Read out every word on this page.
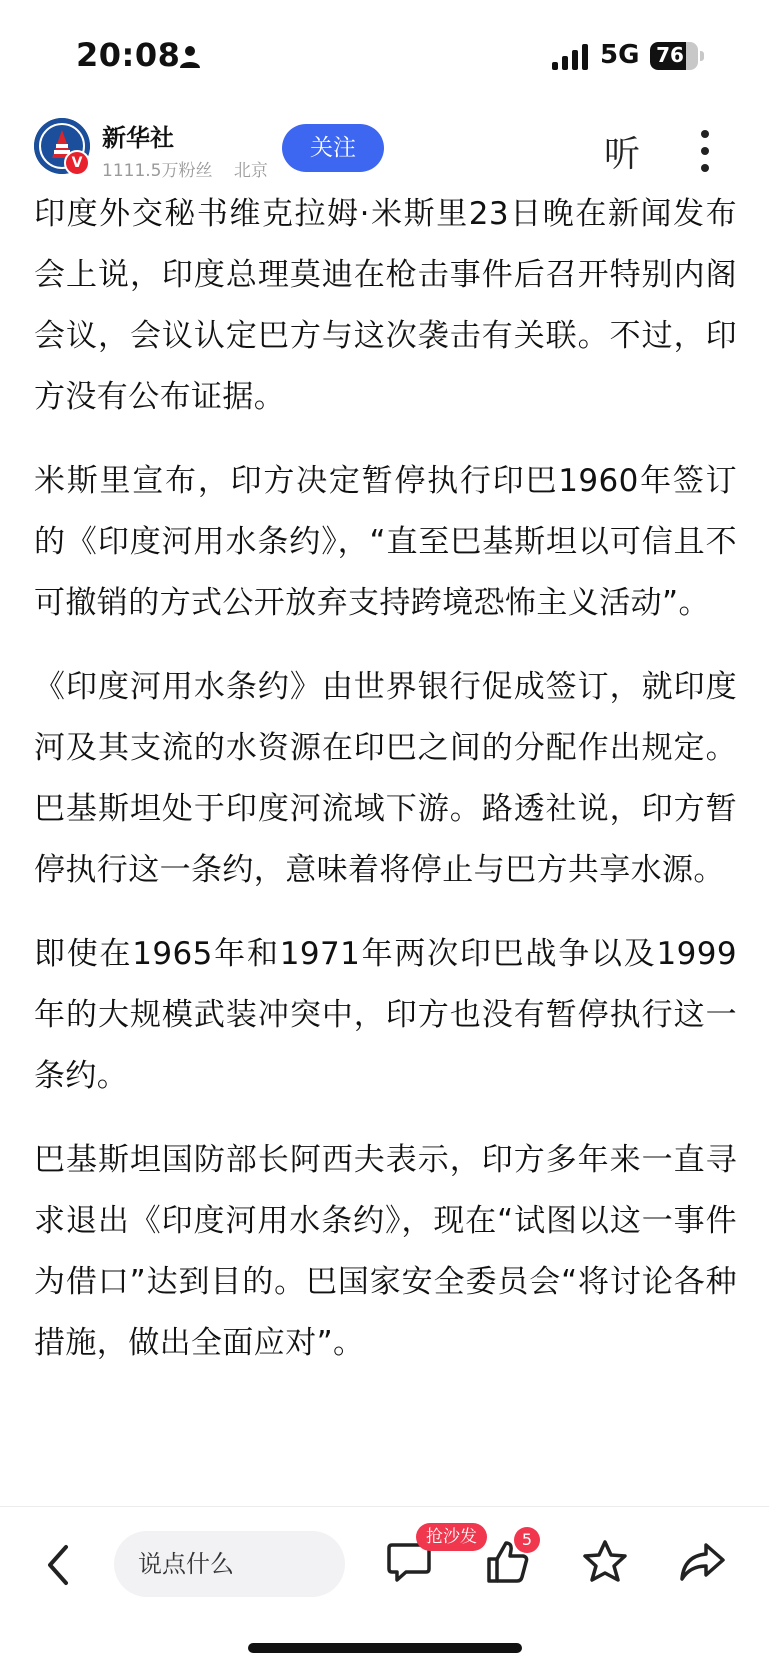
20:08	5G 76
V
新华社
1111.5万粉丝 北京
关注	听

印度外交秘书维克拉姆·米斯里23日晚在新闻发布会上说，印度总理莫迪在枪击事件后召开特别内阁会议，会议认定巴方与这次袭击有关联。不过，印方没有公布证据。

米斯里宣布，印方决定暂停执行印巴1960年签订的《印度河用水条约》，“直至巴基斯坦以可信且不可撤销的方式公开放弃支持跨境恐怖主义活动”。

《印度河用水条约》由世界银行促成签订，就印度河及其支流的水资源在印巴之间的分配作出规定。巴基斯坦处于印度河流域下游。路透社说，印方暂停执行这一条约，意味着将停止与巴方共享水源。

即使在1965年和1971年两次印巴战争以及1999年的大规模武装冲突中，印方也没有暂停执行这一条约。

巴基斯坦国防部长阿西夫表示，印方多年来一直寻求退出《印度河用水条约》，现在“试图以这一事件为借口”达到目的。巴国家安全委员会“将讨论各种措施，做出全面应对”。

说点什么
抢沙发	5
